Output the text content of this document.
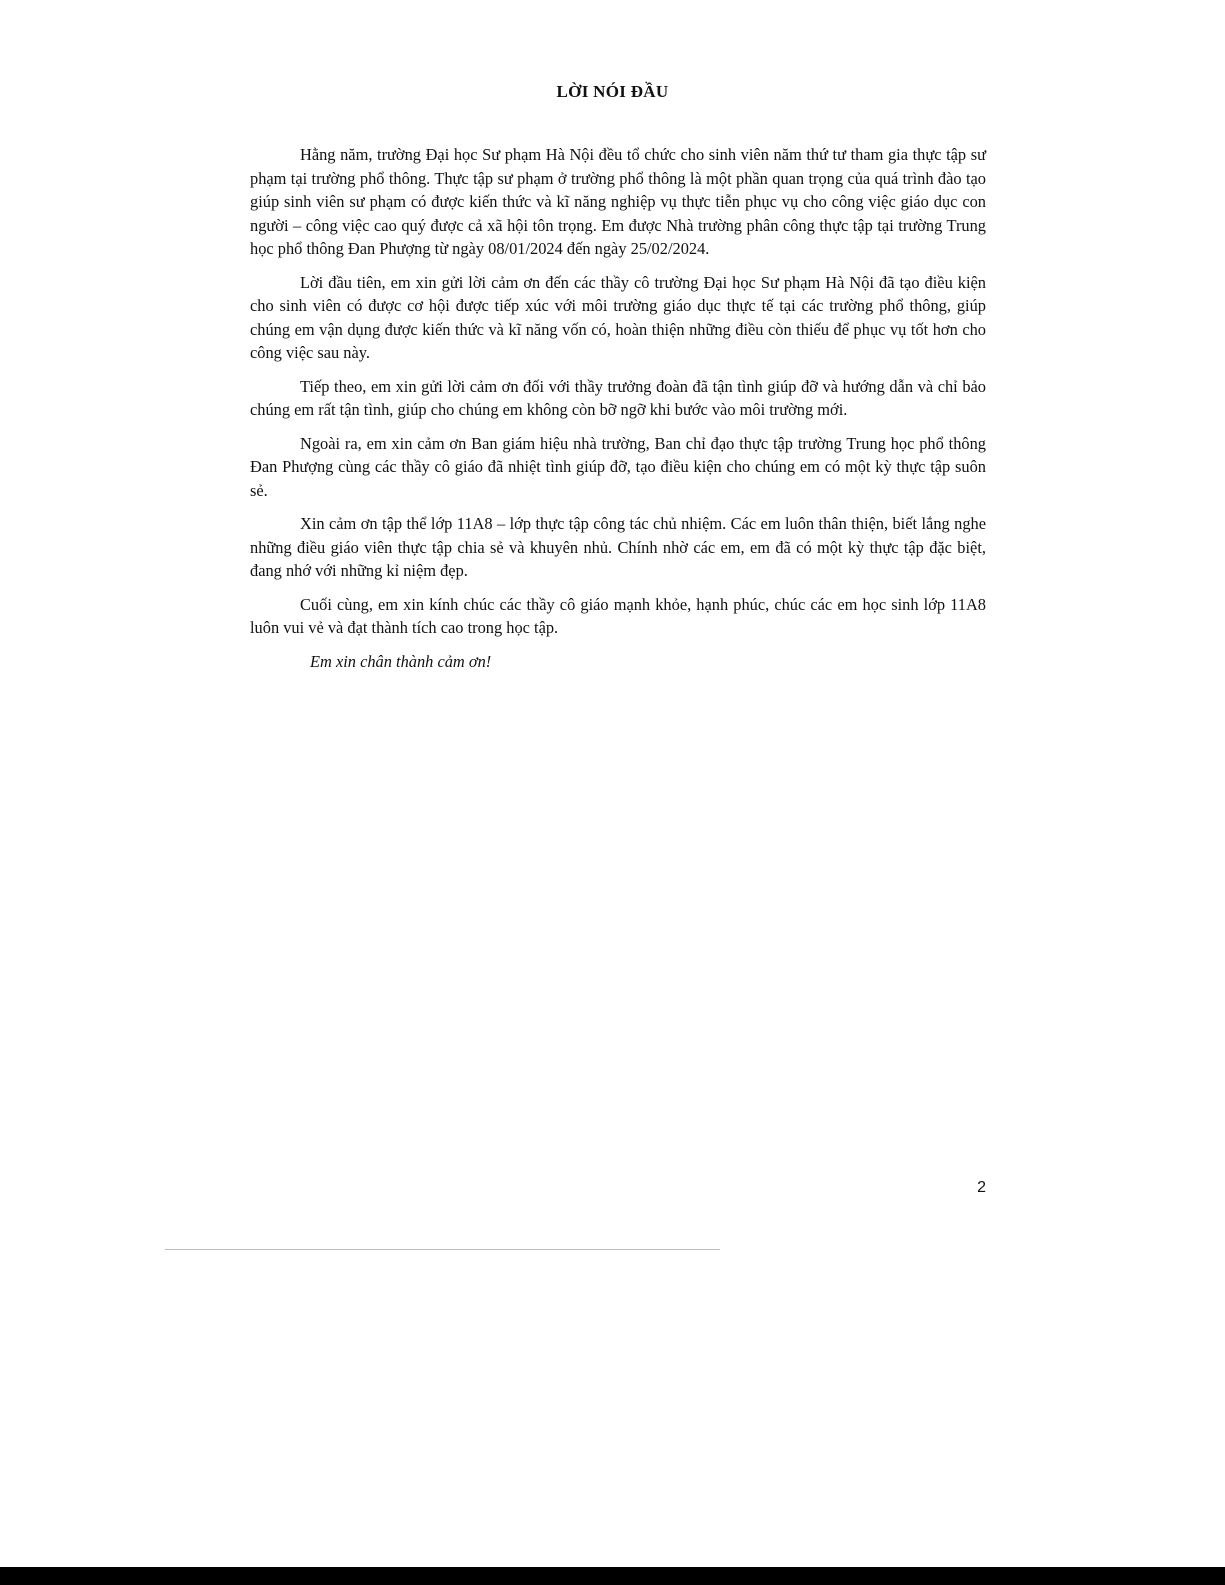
LỜI NÓI ĐẦU

Hằng năm, trường Đại học Sư phạm Hà Nội đều tổ chức cho sinh viên năm thứ tư tham gia thực tập sư phạm tại trường phổ thông. Thực tập sư phạm ở trường phổ thông là một phần quan trọng của quá trình đào tạo giúp sinh viên sư phạm có được kiến thức và kĩ năng nghiệp vụ thực tiễn phục vụ cho công việc giáo dục con người – công việc cao quý được cả xã hội tôn trọng. Em được Nhà trường phân công thực tập tại trường Trung học phổ thông Đan Phượng từ ngày 08/01/2024 đến ngày 25/02/2024.

Lời đầu tiên, em xin gửi lời cảm ơn đến các thầy cô trường Đại học Sư phạm Hà Nội đã tạo điều kiện cho sinh viên có được cơ hội được tiếp xúc với môi trường giáo dục thực tế tại các trường phổ thông, giúp chúng em vận dụng được kiến thức và kĩ năng vốn có, hoàn thiện những điều còn thiếu để phục vụ tốt hơn cho công việc sau này.

Tiếp theo, em xin gửi lời cảm ơn đối với thầy trưởng đoàn đã tận tình giúp đỡ và hướng dẫn và chỉ bảo chúng em rất tận tình, giúp cho chúng em không còn bỡ ngỡ khi bước vào môi trường mới.

Ngoài ra, em xin cảm ơn Ban giám hiệu nhà trường, Ban chỉ đạo thực tập trường Trung học phổ thông Đan Phượng cùng các thầy cô giáo đã nhiệt tình giúp đỡ, tạo điều kiện cho chúng em có một kỳ thực tập suôn sẻ.

Xin cảm ơn tập thể lớp 11A8 – lớp thực tập công tác chủ nhiệm. Các em luôn thân thiện, biết lắng nghe những điều giáo viên thực tập chia sẻ và khuyên nhủ. Chính nhờ các em, em đã có một kỳ thực tập đặc biệt, đang nhớ với những kỉ niệm đẹp.

Cuối cùng, em xin kính chúc các thầy cô giáo mạnh khỏe, hạnh phúc, chúc các em học sinh lớp 11A8 luôn vui vẻ và đạt thành tích cao trong học tập.

Em xin chân thành cảm ơn!

2
